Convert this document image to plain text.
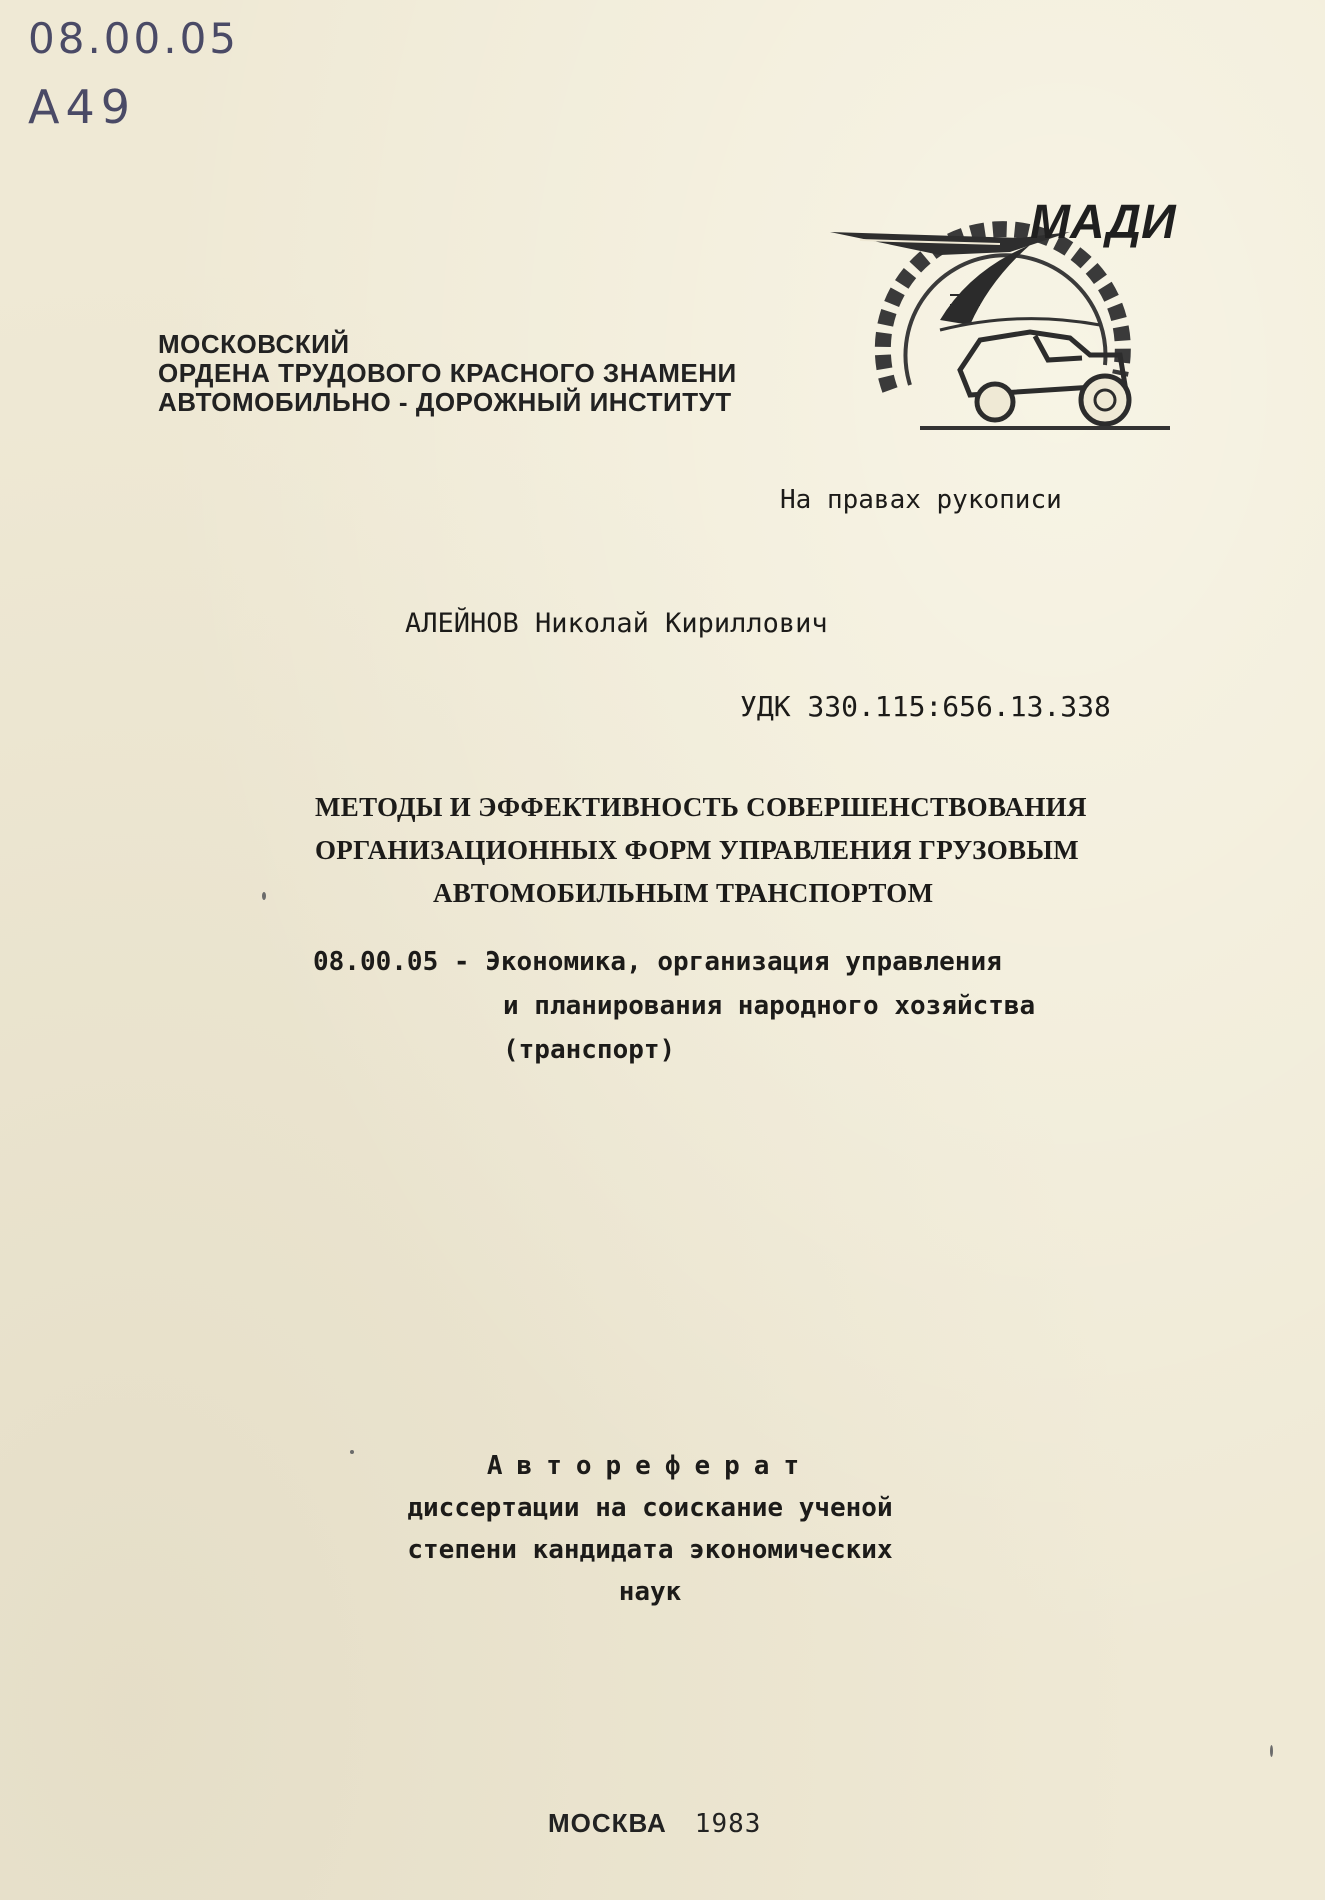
08.00.05
А49
МОСКОВСКИЙ
ОРДЕНА ТРУДОВОГО КРАСНОГО ЗНАМЕНИ
АВТОМОБИЛЬНО - ДОРОЖНЫЙ ИНСТИТУТ
МАДИ
На правах рукописи
АЛЕЙНОВ Николай Кириллович
УДК 330.115:656.13.338
МЕТОДЫ И ЭФФЕКТИВНОСТЬ СОВЕРШЕНСТВОВАНИЯ
ОРГАНИЗАЦИОННЫХ ФОРМ УПРАВЛЕНИЯ ГРУЗОВЫМ
АВТОМОБИЛЬНЫМ ТРАНСПОРТОМ
08.00.05 - Экономика, организация управления
и планирования народного хозяйства
(транспорт)
Автореферат
диссертации на соискание ученой
степени кандидата экономических
наук
МОСКВА 1983
